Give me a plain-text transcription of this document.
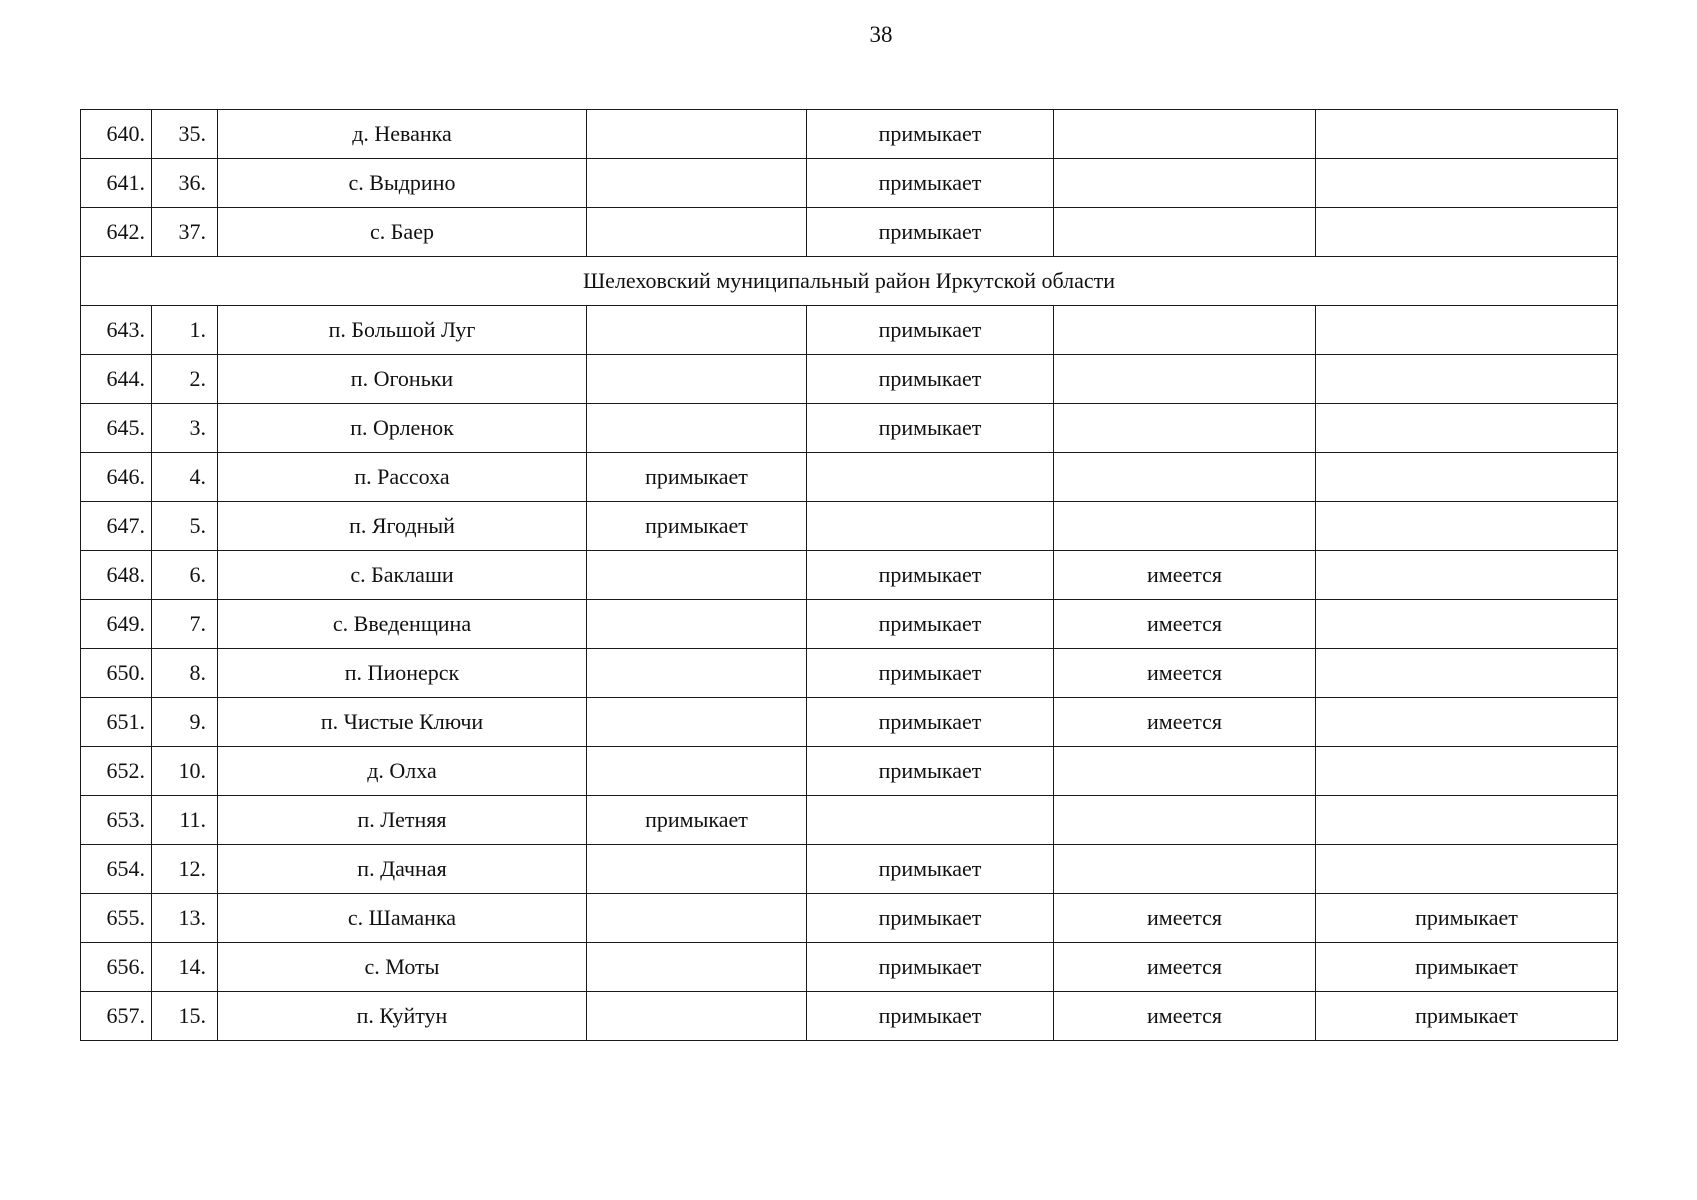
38
640.	35.	д. Неванка		примыкает		
641.	36.	с. Выдрино		примыкает		
642.	37.	с. Баер		примыкает		
Шелеховский муниципальный район Иркутской области						
643.	1.	п. Большой Луг		примыкает		
644.	2.	п. Огоньки		примыкает		
645.	3.	п. Орленок		примыкает		
646.	4.	п. Рассоха	примыкает			
647.	5.	п. Ягодный	примыкает			
648.	6.	с. Баклаши		примыкает	имеется	
649.	7.	с. Введенщина		примыкает	имеется	
650.	8.	п. Пионерск		примыкает	имеется	
651.	9.	п. Чистые Ключи		примыкает	имеется	
652.	10.	д. Олха		примыкает		
653.	11.	п. Летняя	примыкает			
654.	12.	п. Дачная		примыкает		
655.	13.	с. Шаманка		примыкает	имеется	примыкает
656.	14.	с. Моты		примыкает	имеется	примыкает
657.	15.	п. Куйтун		примыкает	имеется	примыкает
